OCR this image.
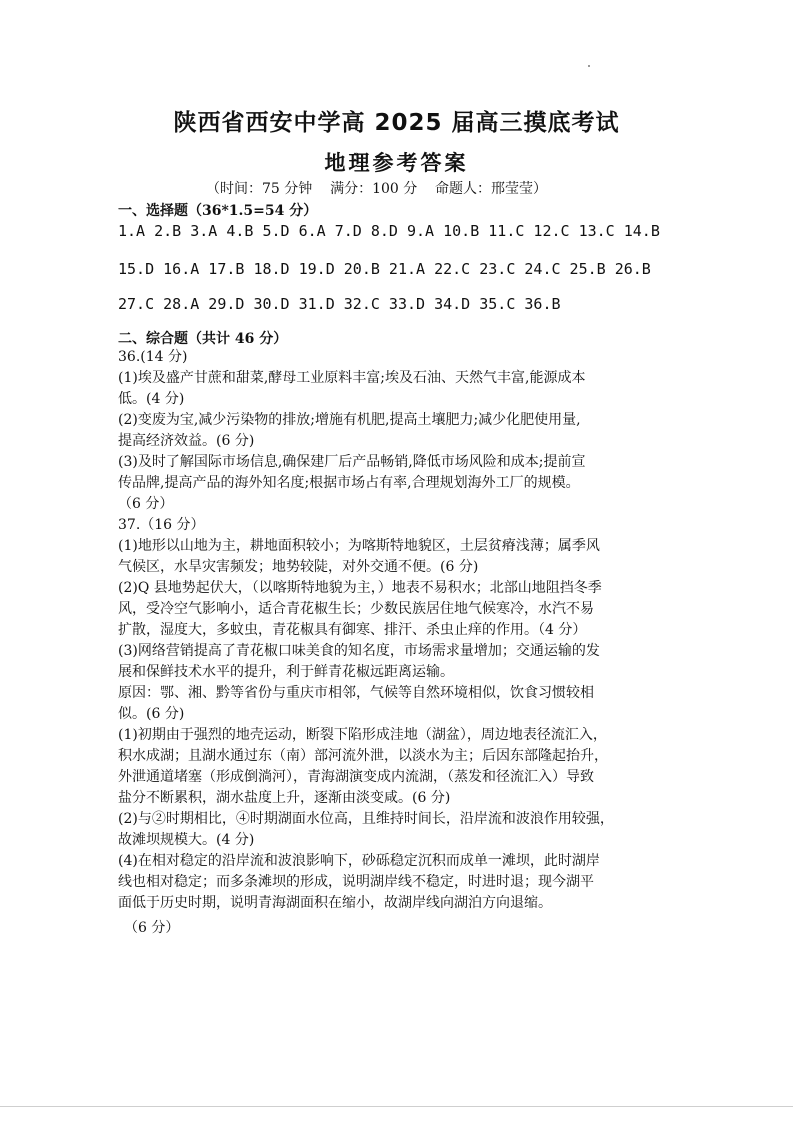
陕西省西安中学高 2025 届高三摸底考试
地理参考答案
（时间：75 分钟    满分：100 分    命题人：邢莹莹）
一、选择题（36*1.5=54 分）
1.A 2.B 3.A 4.B 5.D 6.A 7.D 8.D 9.A 10.B 11.C 12.C 13.C 14.B
15.D 16.A 17.B 18.D 19.D 20.B 21.A 22.C 23.C 24.C 25.B 26.B
27.C 28.A 29.D 30.D 31.D 32.C 33.D 34.D 35.C 36.B
二、综合题（共计 46 分）
36.(14 分)
(1)埃及盛产甘蔗和甜菜,酵母工业原料丰富;埃及石油、天然气丰富,能源成本
低。(4 分)
(2)变废为宝,减少污染物的排放;增施有机肥,提高土壤肥力;减少化肥使用量,
提高经济效益。(6 分)
(3)及时了解国际市场信息,确保建厂后产品畅销,降低市场风险和成本;提前宣
传品牌,提高产品的海外知名度;根据市场占有率,合理规划海外工厂的规模。
（6 分）
37.（16 分）
(1)地形以山地为主，耕地面积较小；为喀斯特地貌区，土层贫瘠浅薄；属季风
气候区，水旱灾害频发；地势较陡，对外交通不便。(6 分)
(2)Q 县地势起伏大，（以喀斯特地貌为主，）地表不易积水；北部山地阻挡冬季
风，受冷空气影响小，适合青花椒生长；少数民族居住地气候寒冷，水汽不易
扩散，湿度大，多蚊虫，青花椒具有御寒、排汗、杀虫止痒的作用。（4 分）
(3)网络营销提高了青花椒口味美食的知名度，市场需求量增加；交通运输的发
展和保鲜技术水平的提升，利于鲜青花椒远距离运输。
原因：鄂、湘、黔等省份与重庆市相邻，气候等自然环境相似，饮食习惯较相
似。(6 分)
(1)初期由于强烈的地壳运动，断裂下陷形成洼地（湖盆），周边地表径流汇入，
积水成湖；且湖水通过东（南）部河流外泄，以淡水为主；后因东部隆起抬升，
外泄通道堵塞（形成倒淌河），青海湖演变成内流湖，（蒸发和径流汇入）导致
盐分不断累积，湖水盐度上升，逐渐由淡变咸。(6 分)
(2)与②时期相比，④时期湖面水位高，且维持时间长，沿岸流和波浪作用较强，
故滩坝规模大。(4 分)
(4)在相对稳定的沿岸流和波浪影响下，砂砾稳定沉积而成单一滩坝，此时湖岸
线也相对稳定；而多条滩坝的形成，说明湖岸线不稳定，时进时退；现今湖平
面低于历史时期，说明青海湖面积在缩小，故湖岸线向湖泊方向退缩。
（6 分）
